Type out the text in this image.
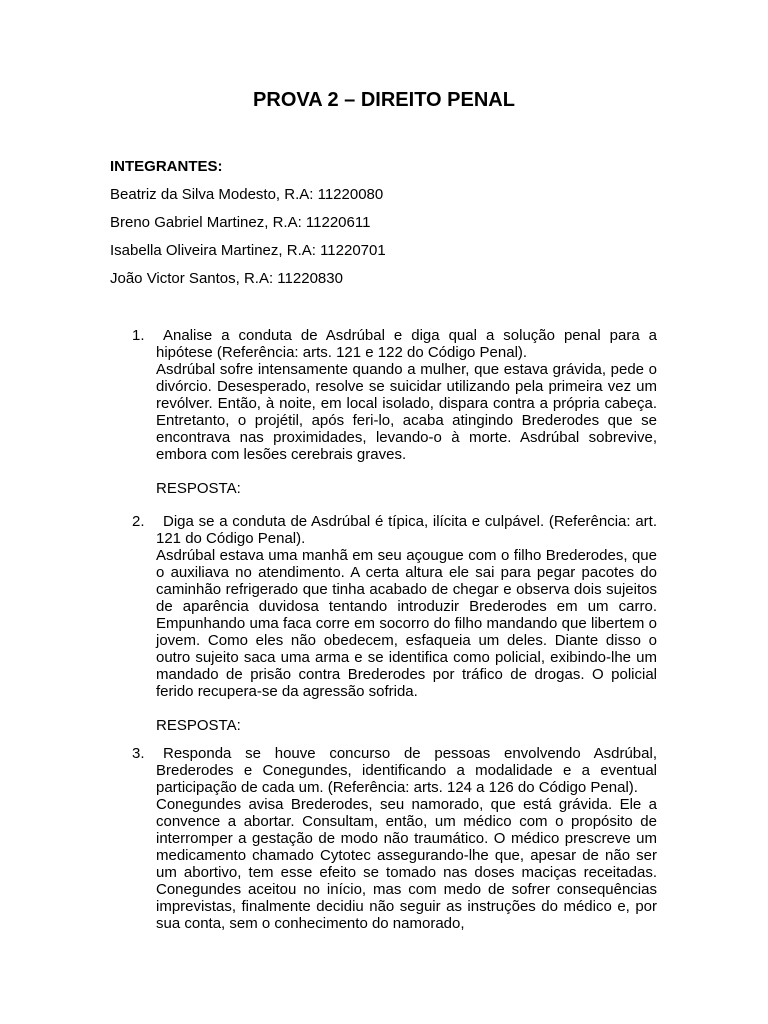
PROVA 2 – DIREITO PENAL

INTEGRANTES:

Beatriz da Silva Modesto, R.A: 11220080

Breno Gabriel Martinez, R.A: 11220611

Isabella Oliveira Martinez, R.A: 11220701

João Victor Santos, R.A: 11220830

1.	Analise a conduta de Asdrúbal e diga qual a solução penal para a hipótese (Referência: arts. 121 e 122 do Código Penal).

Asdrúbal sofre intensamente quando a mulher, que estava grávida, pede o divórcio. Desesperado, resolve se suicidar utilizando pela primeira vez um revólver. Então, à noite, em local isolado, dispara contra a própria cabeça. Entretanto, o projétil, após feri-lo, acaba atingindo Brederodes que se encontrava nas proximidades, levando-o à morte. Asdrúbal sobrevive, embora com lesões cerebrais graves.

RESPOSTA:

2.	Diga se a conduta de Asdrúbal é típica, ilícita e culpável. (Referência: art. 121 do Código Penal).

Asdrúbal estava uma manhã em seu açougue com o filho Brederodes, que o auxiliava no atendimento. A certa altura ele sai para pegar pacotes do caminhão refrigerado que tinha acabado de chegar e observa dois sujeitos de aparência duvidosa tentando introduzir Brederodes em um carro. Empunhando uma faca corre em socorro do filho mandando que libertem o jovem. Como eles não obedecem, esfaqueia um deles. Diante disso o outro sujeito saca uma arma e se identifica como policial, exibindo-lhe um mandado de prisão contra Brederodes por tráfico de drogas. O policial ferido recupera-se da agressão sofrida.

RESPOSTA:

3.	Responda se houve concurso de pessoas envolvendo Asdrúbal, Brederodes e Conegundes, identificando a modalidade e a eventual participação de cada um. (Referência: arts. 124 a 126 do Código Penal).

Conegundes avisa Brederodes, seu namorado, que está grávida. Ele a convence a abortar. Consultam, então, um médico com o propósito de interromper a gestação de modo não traumático. O médico prescreve um medicamento chamado Cytotec assegurando-lhe que, apesar de não ser um abortivo, tem esse efeito se tomado nas doses maciças receitadas. Conegundes aceitou no início, mas com medo de sofrer consequências imprevistas, finalmente decidiu não seguir as instruções do médico e, por sua conta, sem o conhecimento do namorado,
